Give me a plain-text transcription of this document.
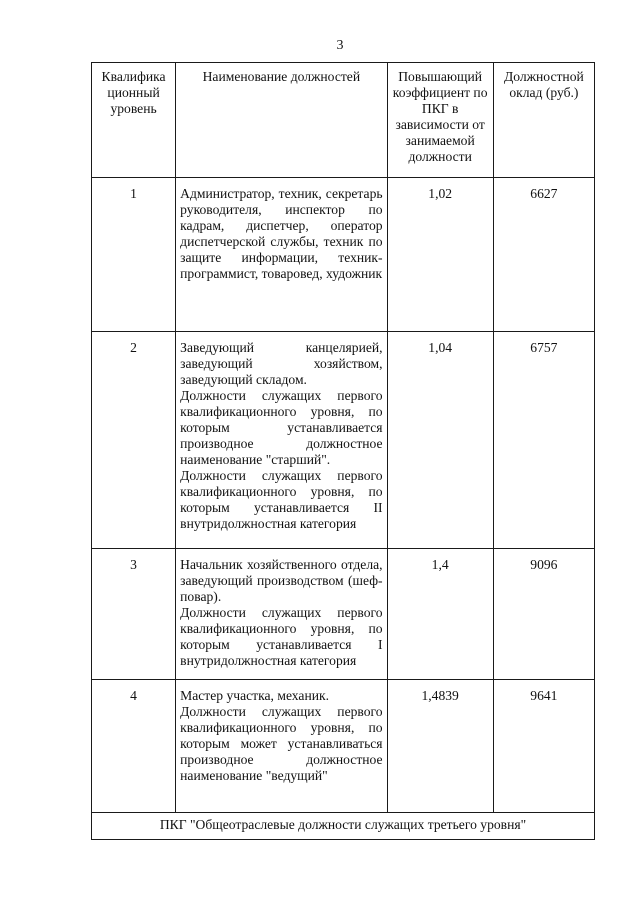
3
Квалифика ционный уровень	Наименование должностей	Повышающий коэффициент по ПКГ в зависимости от занимаемой должности	Должностной оклад (руб.)

1	Администратор, техник, секретарь руководителя, инспектор по кадрам, диспетчер, оператор диспетчерской службы, техник по защите информации, техник-программист, товаровед, художник	1,02	6627

2	Заведующий канцелярией, заведующий хозяйством, заведующий складом.

Должности служащих первого квалификационного уровня, по которым устанавливается производное должностное наименование "старший".

Должности служащих первого квалификационного уровня, по которым устанавливается II внутридолжностная категория	1,04	6757

3	Начальник хозяйственного отдела, заведующий производством (шеф-повар).

Должности служащих первого квалификационного уровня, по которым устанавливается I внутридолжностная категория	1,4	9096

4	Мастер участка, механик.

Должности служащих первого квалификационного уровня, по которым может устанавливаться производное должностное наименование "ведущий"	1,4839	9641

ПКГ "Общеотраслевые должности служащих третьего уровня"			
